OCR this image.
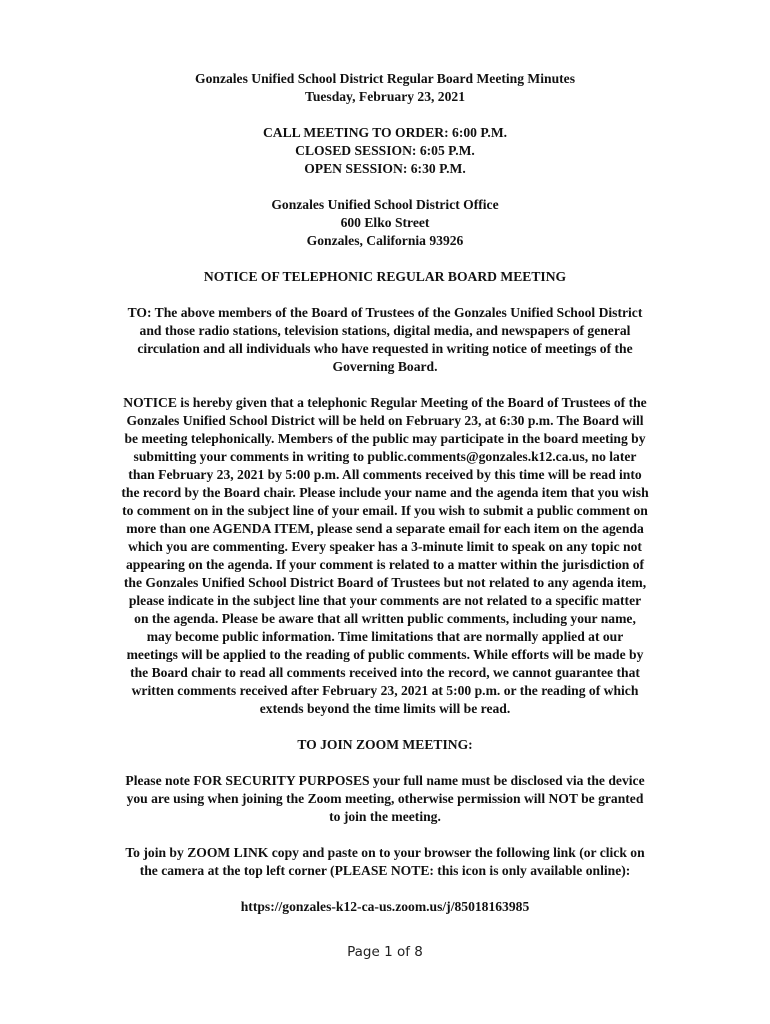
Gonzales Unified School District Regular Board Meeting Minutes
Tuesday, February 23, 2021

CALL MEETING TO ORDER: 6:00 P.M.
CLOSED SESSION: 6:05 P.M.
OPEN SESSION: 6:30 P.M.

Gonzales Unified School District Office
600 Elko Street
Gonzales, California 93926

NOTICE OF TELEPHONIC REGULAR BOARD MEETING

TO: The above members of the Board of Trustees of the Gonzales Unified School District
and those radio stations, television stations, digital media, and newspapers of general
circulation and all individuals who have requested in writing notice of meetings of the
Governing Board.

NOTICE is hereby given that a telephonic Regular Meeting of the Board of Trustees of the
Gonzales Unified School District will be held on February 23, at 6:30 p.m. The Board will
be meeting telephonically. Members of the public may participate in the board meeting by
submitting your comments in writing to public.comments@gonzales.k12.ca.us, no later
than February 23, 2021 by 5:00 p.m. All comments received by this time will be read into
the record by the Board chair. Please include your name and the agenda item that you wish
to comment on in the subject line of your email. If you wish to submit a public comment on
more than one AGENDA ITEM, please send a separate email for each item on the agenda
which you are commenting. Every speaker has a 3-minute limit to speak on any topic not
appearing on the agenda. If your comment is related to a matter within the jurisdiction of
the Gonzales Unified School District Board of Trustees but not related to any agenda item,
please indicate in the subject line that your comments are not related to a specific matter
on the agenda. Please be aware that all written public comments, including your name,
may become public information. Time limitations that are normally applied at our
meetings will be applied to the reading of public comments. While efforts will be made by
the Board chair to read all comments received into the record, we cannot guarantee that
written comments received after February 23, 2021 at 5:00 p.m. or the reading of which
extends beyond the time limits will be read.

TO JOIN ZOOM MEETING:

Please note FOR SECURITY PURPOSES your full name must be disclosed via the device
you are using when joining the Zoom meeting, otherwise permission will NOT be granted
to join the meeting.

To join by ZOOM LINK copy and paste on to your browser the following link (or click on
the camera at the top left corner (PLEASE NOTE: this icon is only available online):

https://gonzales-k12-ca-us.zoom.us/j/85018163985

Page 1 of 8
